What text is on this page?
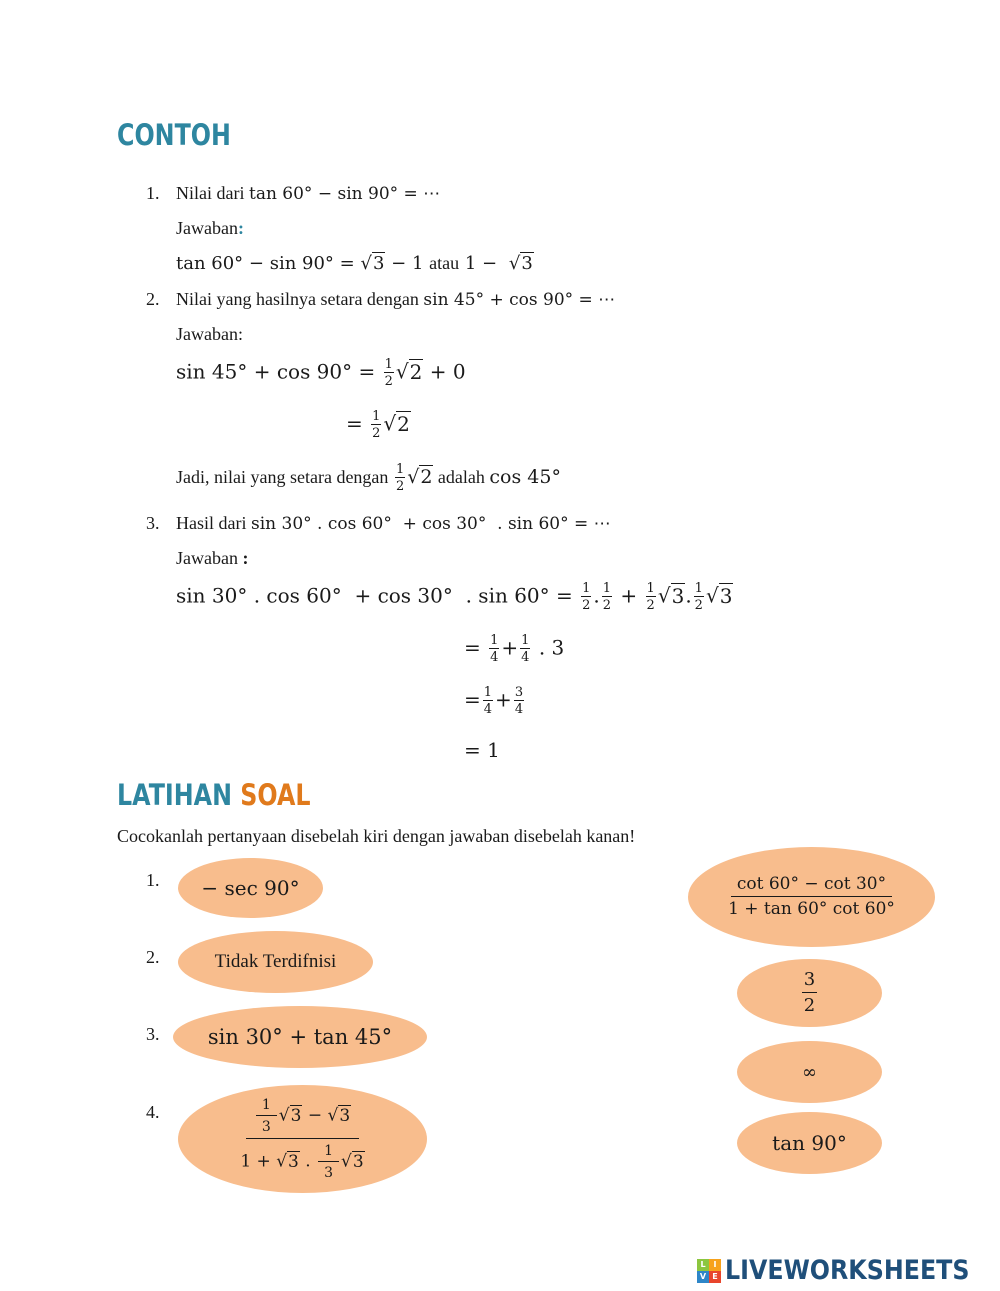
CONTOH
1. Nilai dari tan 60° − sin 90° = ⋯
Jawaban:
tan 60° − sin 90° = √3 − 1 atau 1 − √3
2. Nilai yang hasilnya setara dengan sin 45° + cos 90° = ⋯
Jawaban:
$\sin 45^\circ + \cos 90^\circ = \frac{1}{2} √2 + 0$
= $\frac{1}{2} √2$
Jadi, nilai yang setara dengan $\frac{1}{2} √2$ adalah cos 45°
3. Hasil dari sin 30° . cos 60°  + cos 30°  . sin 60° = ⋯
Jawaban :
sin 30° . cos 60°  + cos 30°  . $\sin 60^\circ = \frac{1}{2}$ . $\frac{1}{2} + \frac{1}{2} √3$. $\frac{1}{2} √3$
= $\frac{1}{4} + \frac{1}{4}$ . 3
= $\frac{1}{4} + \frac{3}{4}$
= 1
LATIHAN SOAL
Cocokanlah pertanyaan disebelah kiri dengan jawaban disebelah kanan!
1. − sec 90°
2.	Tidak Terdifnisi
3. sin 30° + tan 45°
4.	$\frac{\frac{1}{3} √3 - √3}{1 + √3 . \frac{1}{3} √3}$
$\frac{\cot 60^\circ - \cot 30^\circ}{1 + \tan 60^\circ \cot 60^\circ}$
$\frac{3}{2}$
∞
tan 90°
L I
V E LIVEWORKSHEETS
